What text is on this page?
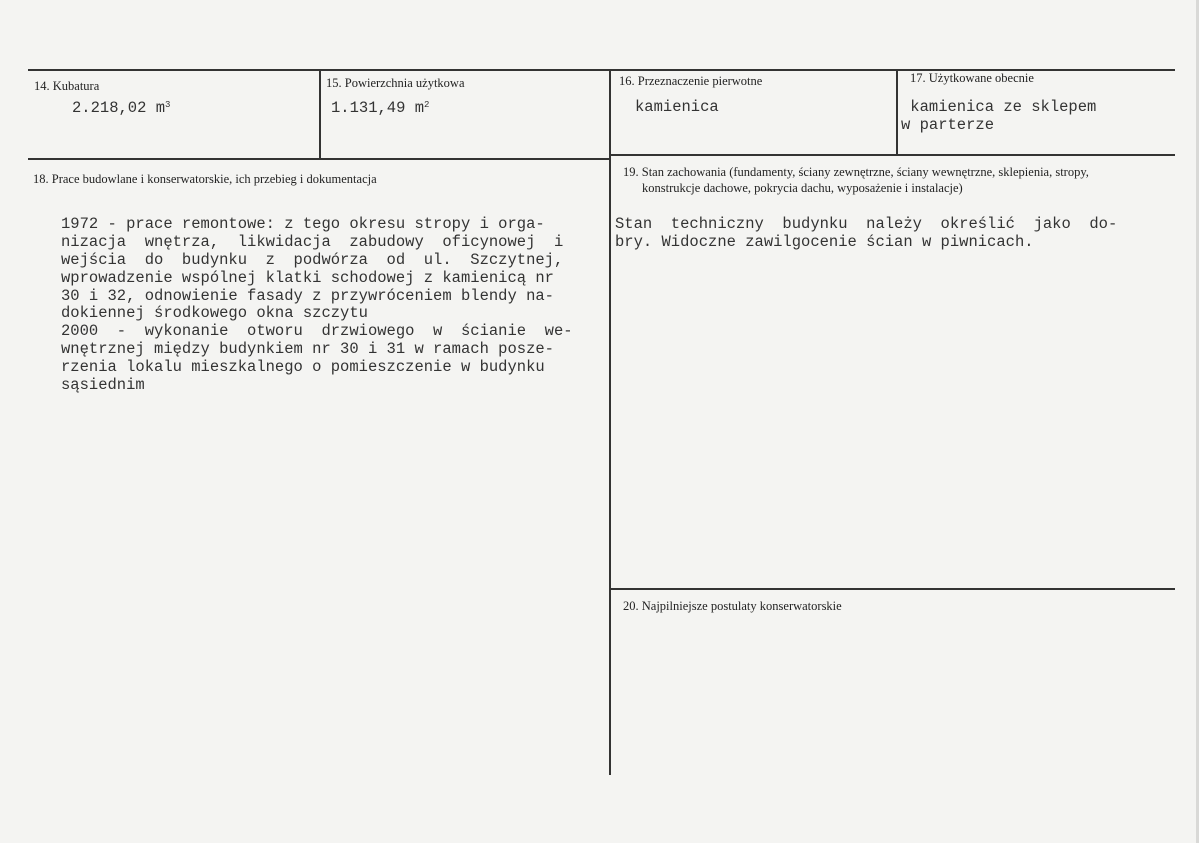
14. Kubatura
2.218,02 $m^3$
15. Powierzchnia użytkowa
1.131,49 $m^2$
16. Przeznaczenie pierwotne
kamienica
17. Użytkowane obecnie
kamienica ze sklepem
w parterze
18. Prace budowlane i konserwatorskie, ich przebieg i dokumentacja
1972 - prace remontowe: z tego okresu stropy i orga-
nizacja  wnętrza,  likwidacja  zabudowy  oficynowej  i
wejścia  do  budynku  z  podwórza  od  ul.  Szczytnej,
wprowadzenie wspólnej klatki schodowej z kamienicą nr
30 i 32, odnowienie fasady z przywróceniem blendy na-
dokiennej środkowego okna szczytu
2000  -  wykonanie  otworu  drzwiowego  w  ścianie  we-
wnętrznej między budynkiem nr 30 i 31 w ramach posze-
rzenia lokalu mieszkalnego o pomieszczenie w budynku
sąsiednim
19. Stan zachowania (fundamenty, ściany zewnętrzne, ściany wewnętrzne, sklepienia, stropy,
konstrukcje dachowe, pokrycia dachu, wyposażenie i instalacje)
Stan  techniczny  budynku  należy  określić  jako  do-
bry. Widoczne zawilgocenie ścian w piwnicach.
20. Najpilniejsze postulaty konserwatorskie
